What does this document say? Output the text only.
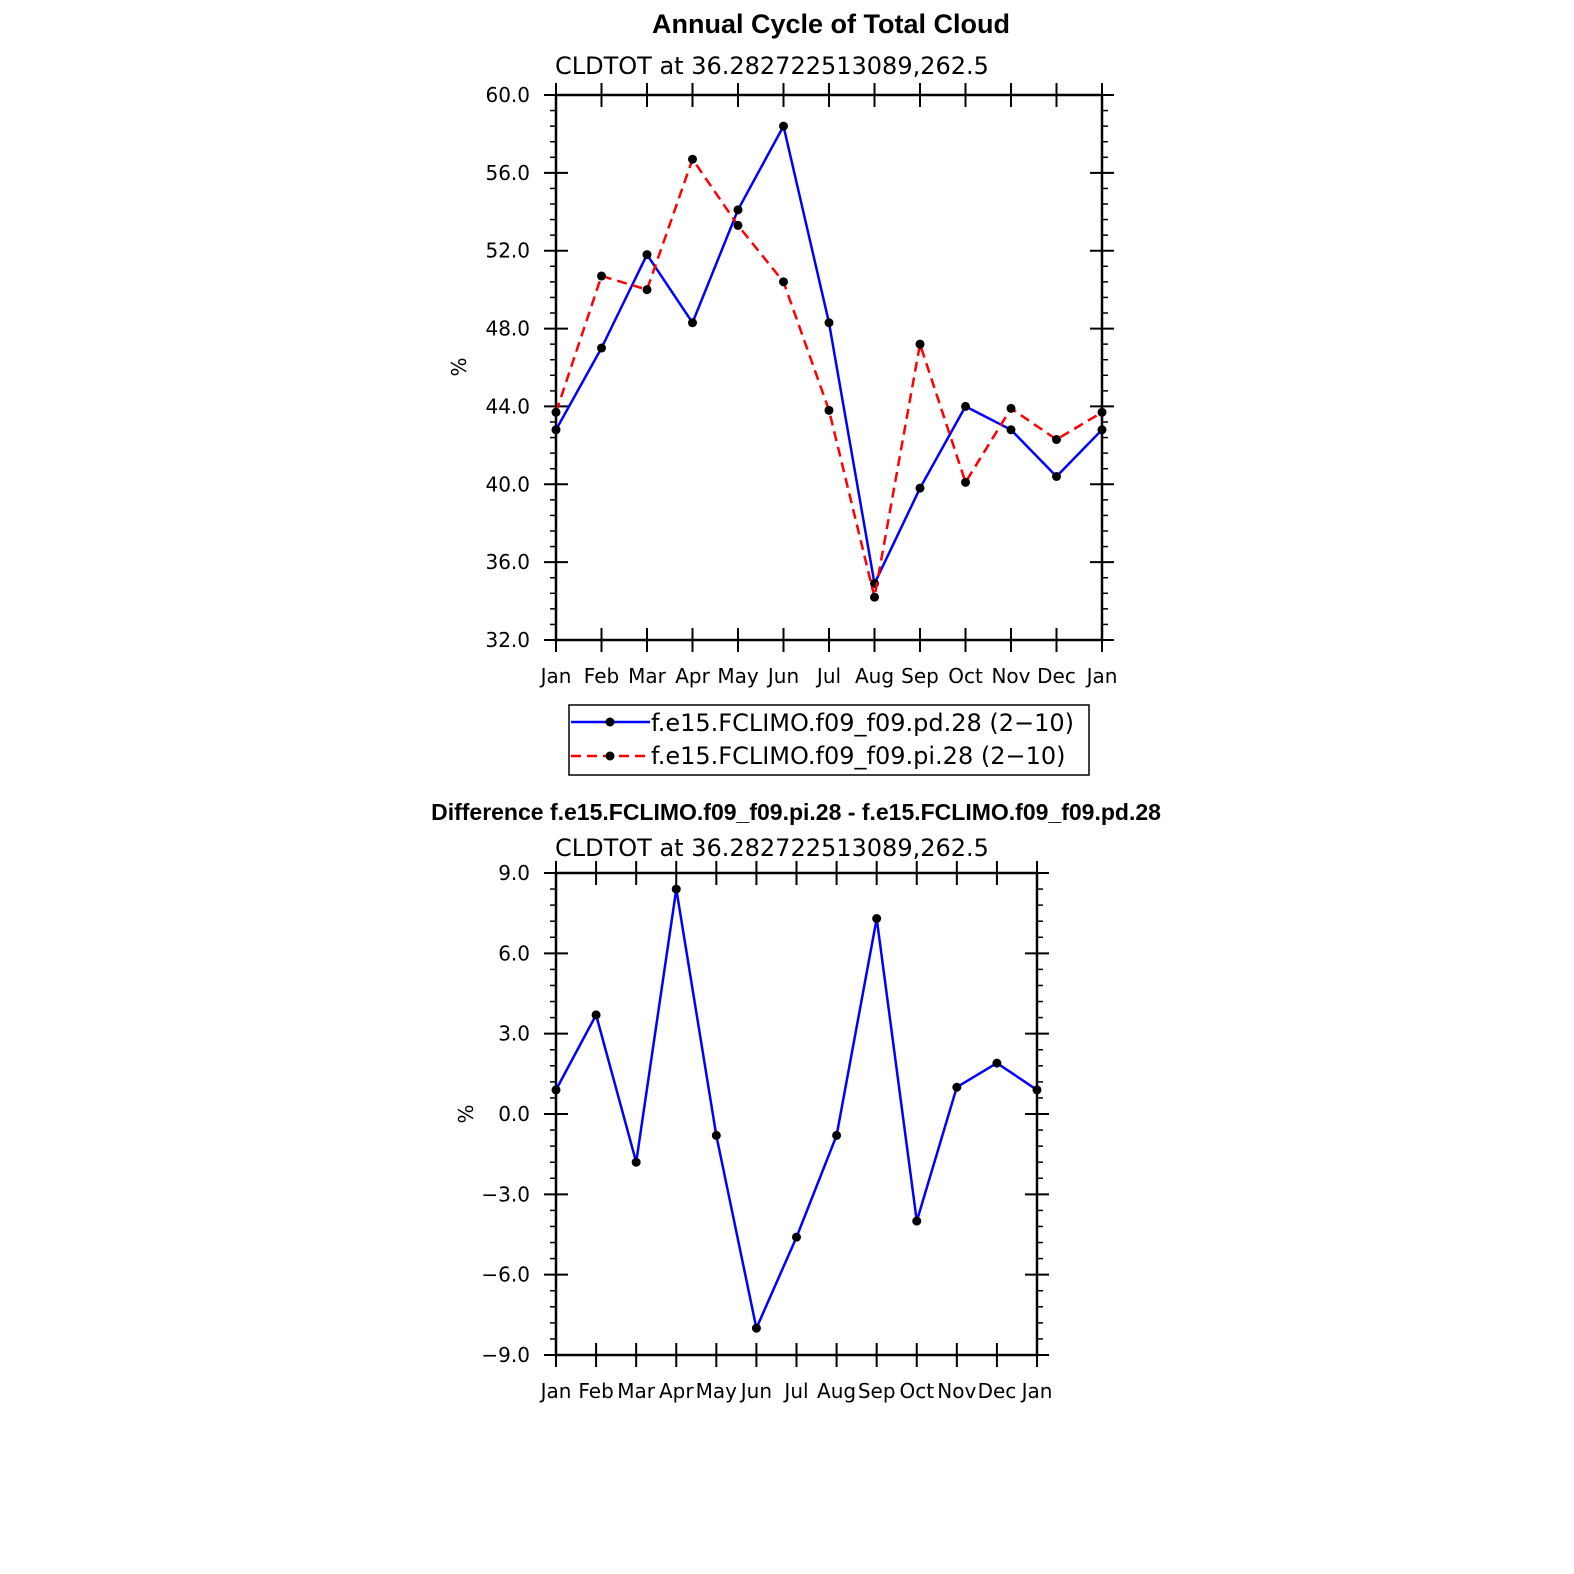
Annual Cycle of Total Cloud
CLDTOT at 36.282722513089,262.5
%
32.0
36.0
40.0
44.0
48.0
52.0
56.0
60.0
Jan Feb Mar Apr May Jun Jul Aug Sep Oct Nov Dec Jan
f.e15.FCLIMO.f09_f09.pd.28 (2−10)
f.e15.FCLIMO.f09_f09.pi.28 (2−10)
Difference f.e15.FCLIMO.f09_f09.pi.28 - f.e15.FCLIMO.f09_f09.pd.28
CLDTOT at 36.282722513089,262.5
%
−9.0
−6.0
−3.0
0.0
3.0
6.0
9.0
Jan Feb Mar Apr May Jun Jul Aug Sep Oct Nov Dec Jan
